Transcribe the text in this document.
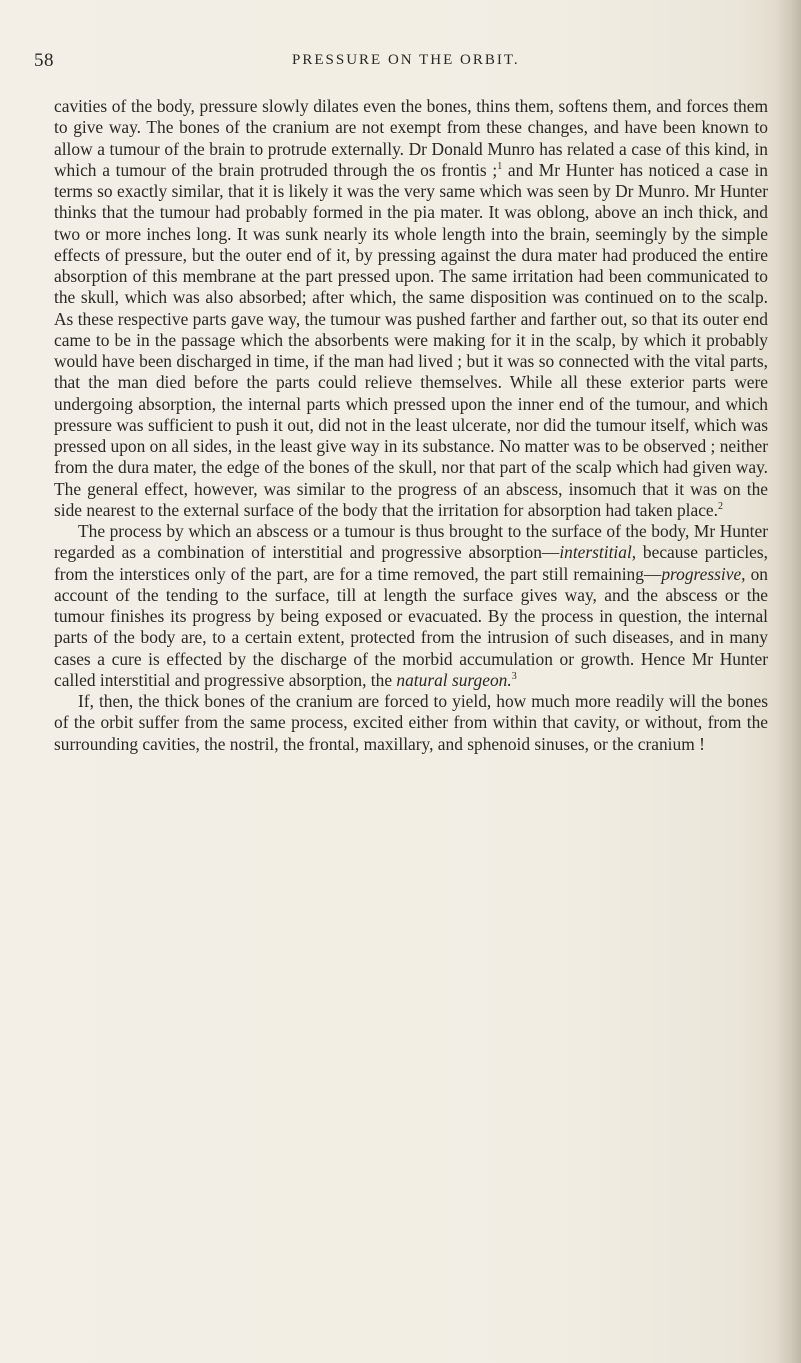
58	PRESSURE ON THE ORBIT.

cavities of the body, pressure slowly dilates even the bones, thins them, softens them, and forces them to give way. The bones of the cranium are not exempt from these changes, and have been known to allow a tumour of the brain to protrude externally. Dr Donald Munro has related a case of this kind, in which a tumour of the brain protruded through the os frontis ;$^1$ and Mr Hunter has noticed a case in terms so exactly similar, that it is likely it was the very same which was seen by Dr Munro. Mr Hunter thinks that the tumour had probably formed in the pia mater. It was oblong, above an inch thick, and two or more inches long. It was sunk nearly its whole length into the brain, seemingly by the simple effects of pressure, but the outer end of it, by pressing against the dura mater had produced the entire absorption of this membrane at the part pressed upon. The same irritation had been communicated to the skull, which was also absorbed; after which, the same disposition was continued on to the scalp. As these respective parts gave way, the tumour was pushed farther and farther out, so that its outer end came to be in the passage which the absorbents were making for it in the scalp, by which it probably would have been discharged in time, if the man had lived ; but it was so connected with the vital parts, that the man died before the parts could relieve themselves. While all these exterior parts were undergoing absorption, the internal parts which pressed upon the inner end of the tumour, and which pressure was sufficient to push it out, did not in the least ulcerate, nor did the tumour itself, which was pressed upon on all sides, in the least give way in its substance. No matter was to be observed ; neither from the dura mater, the edge of the bones of the skull, nor that part of the scalp which had given way. The general effect, however, was similar to the progress of an abscess, insomuch that it was on the side nearest to the external surface of the body that the irritation for absorption had taken place.$^2$

The process by which an abscess or a tumour is thus brought to the surface of the body, Mr Hunter regarded as a combination of interstitial and progressive absorption—interstitial, because particles, from the interstices only of the part, are for a time removed, the part still remaining—progressive, on account of the tending to the surface, till at length the surface gives way, and the abscess or the tumour finishes its progress by being exposed or evacuated. By the process in question, the internal parts of the body are, to a certain extent, protected from the intrusion of such diseases, and in many cases a cure is effected by the discharge of the morbid accumulation or growth. Hence Mr Hunter called interstitial and progressive absorption, the natural surgeon.$^3$

If, then, the thick bones of the cranium are forced to yield, how much more readily will the bones of the orbit suffer from the same process, excited either from within that cavity, or without, from the surrounding cavities, the nostril, the frontal, maxillary, and sphenoid sinuses, or the cranium !
